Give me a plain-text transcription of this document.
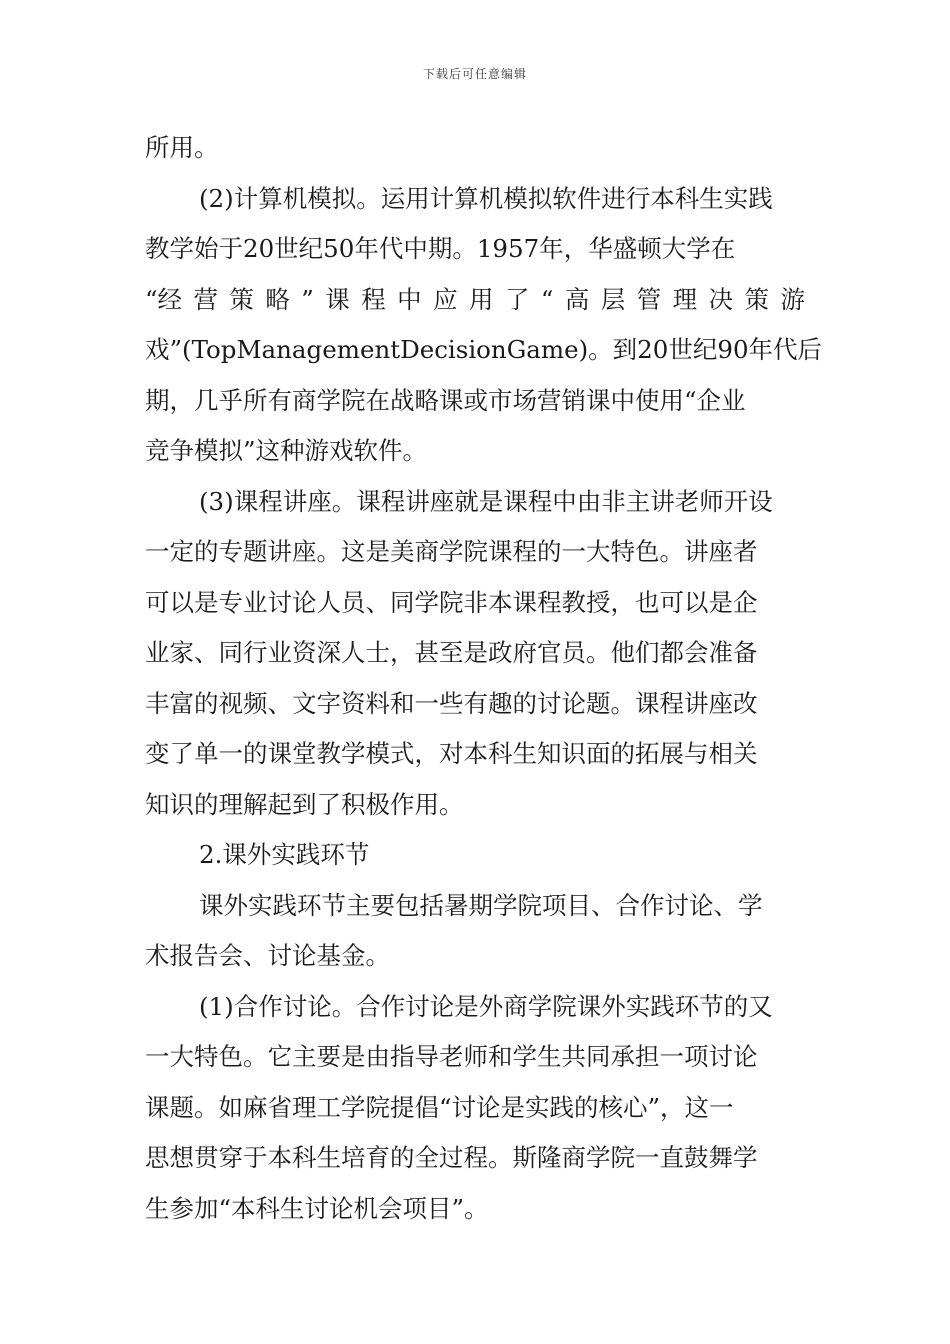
下载后可任意编辑
所用。
(2)计算机模拟。运用计算机模拟软件进行本科生实践
教学始于20世纪50年代中期。1957年，华盛顿大学在
“经 营 策 略 ” 课 程 中 应 用 了 “ 高 层 管 理 决 策 游
戏”(TopManagementDecisionGame)。到20世纪90年代后
期，几乎所有商学院在战略课或市场营销课中使用“企业
竞争模拟”这种游戏软件。
(3)课程讲座。课程讲座就是课程中由非主讲老师开设
一定的专题讲座。这是美商学院课程的一大特色。讲座者
可以是专业讨论人员、同学院非本课程教授，也可以是企
业家、同行业资深人士，甚至是政府官员。他们都会准备
丰富的视频、文字资料和一些有趣的讨论题。课程讲座改
变了单一的课堂教学模式，对本科生知识面的拓展与相关
知识的理解起到了积极作用。
2.课外实践环节
课外实践环节主要包括暑期学院项目、合作讨论、学
术报告会、讨论基金。
(1)合作讨论。合作讨论是外商学院课外实践环节的又
一大特色。它主要是由指导老师和学生共同承担一项讨论
课题。如麻省理工学院提倡“讨论是实践的核心”，这一
思想贯穿于本科生培育的全过程。斯隆商学院一直鼓舞学
生参加“本科生讨论机会项目”。
